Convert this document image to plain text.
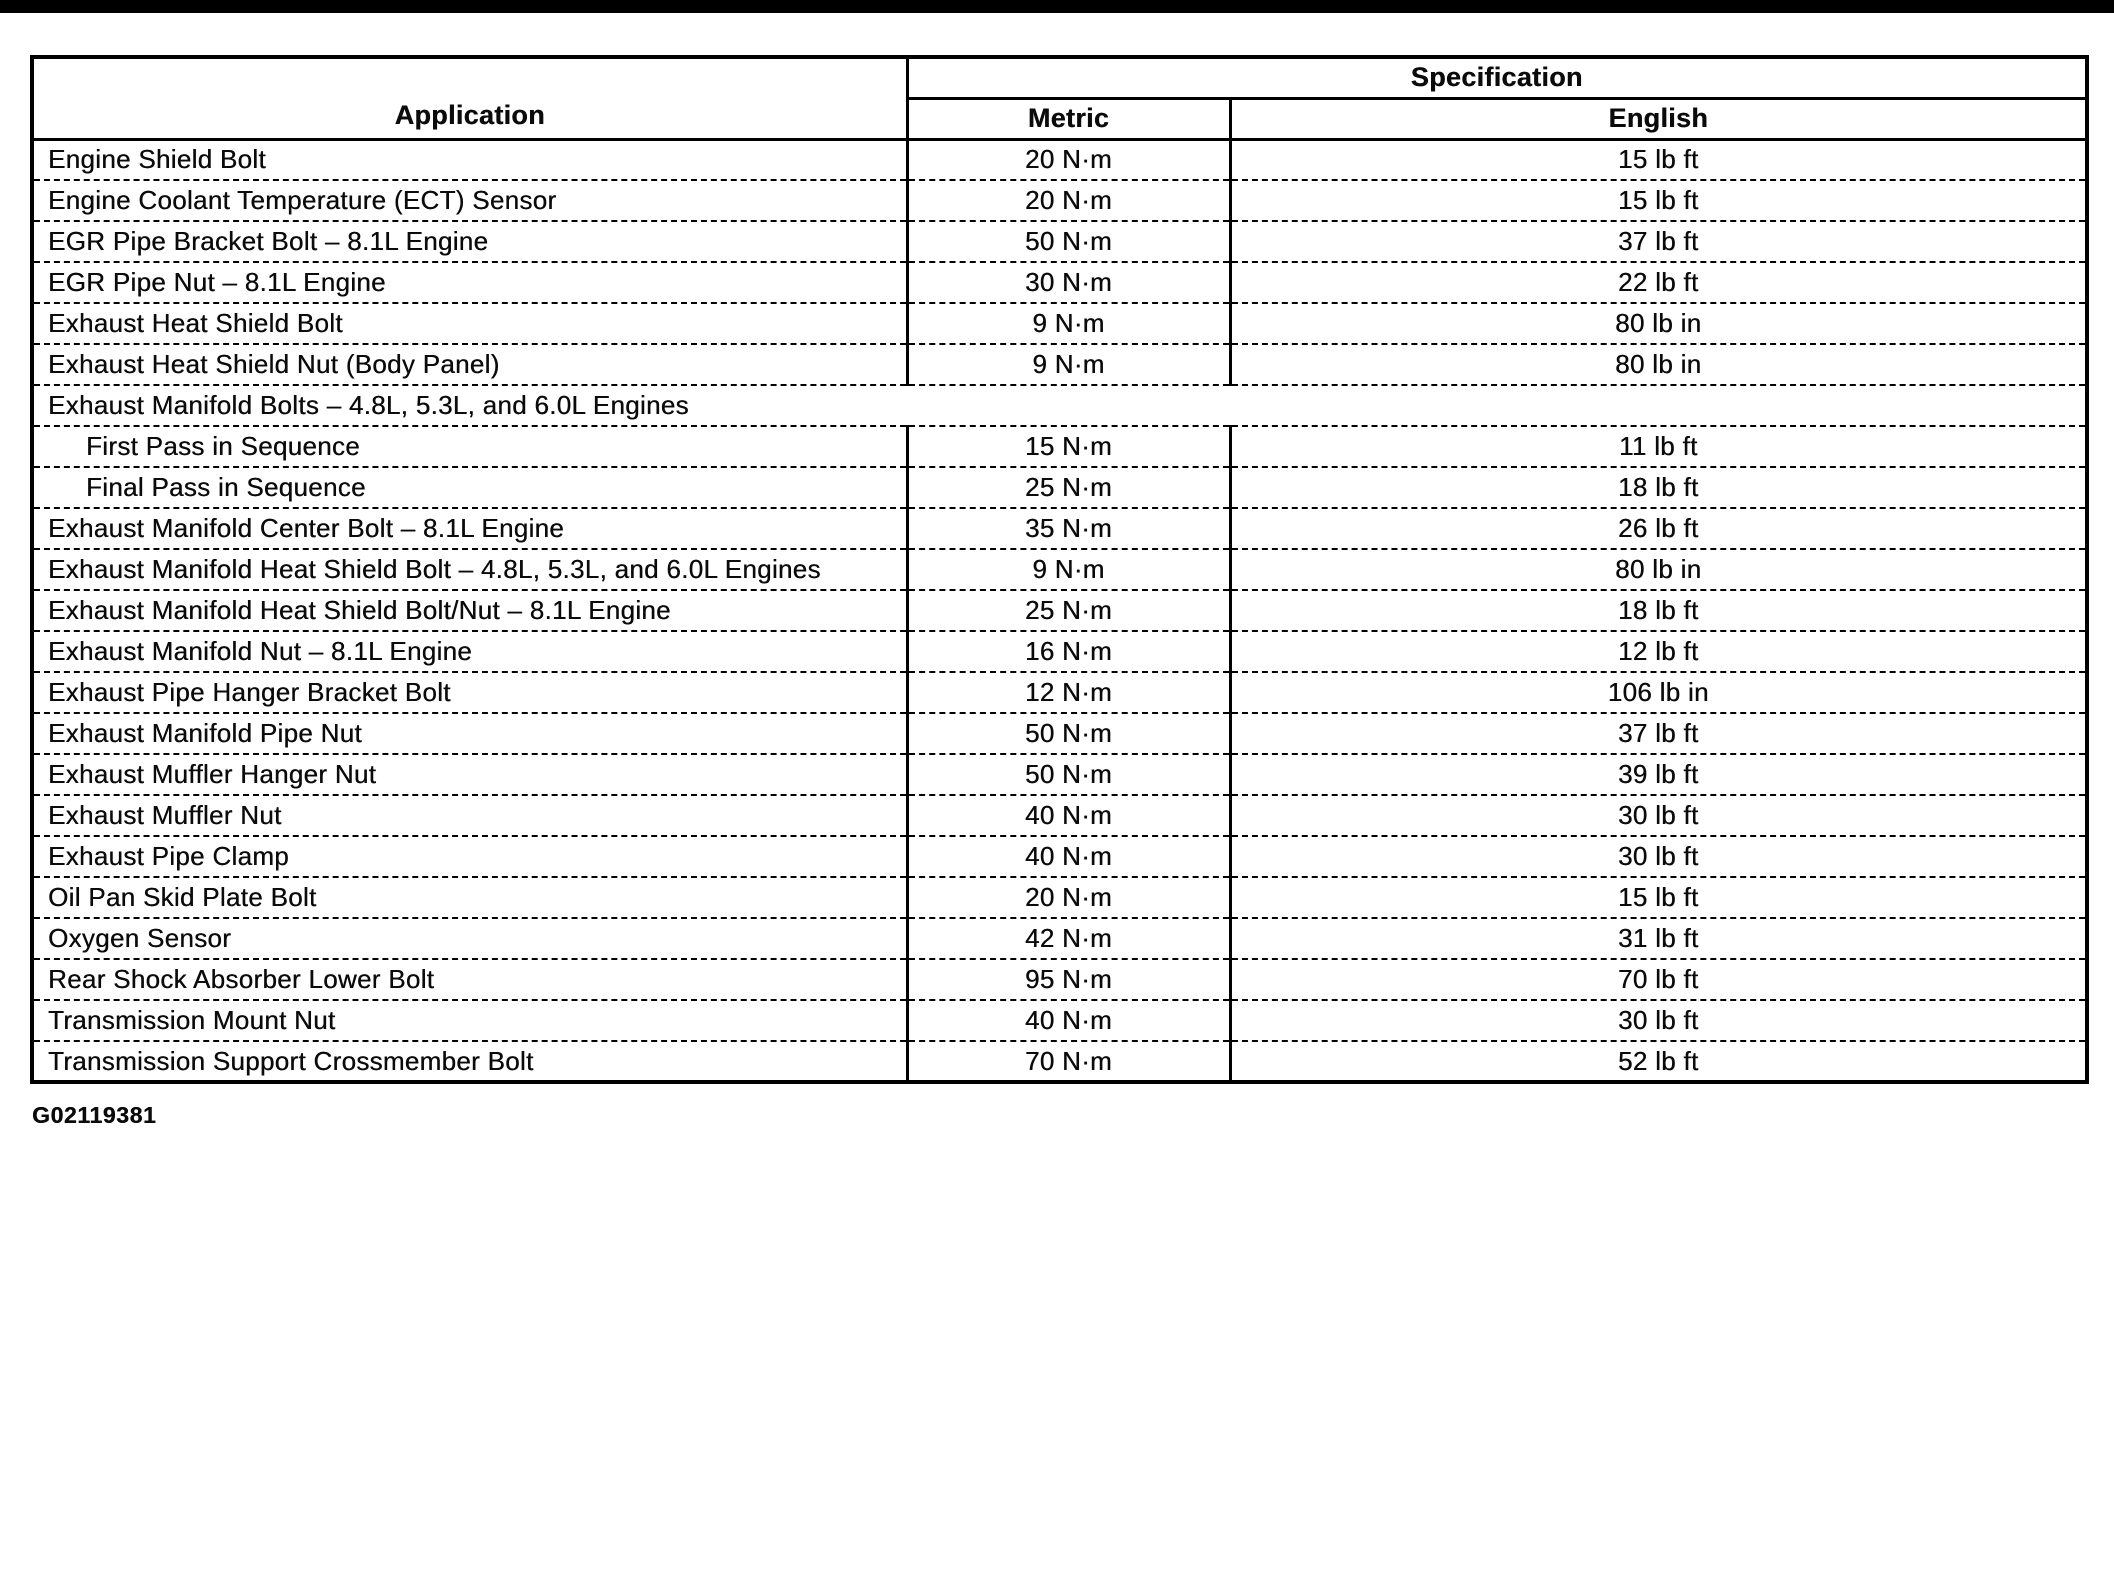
Application	Specification	
	Metric	English
Engine Shield Bolt	20 N·m	15 lb ft
Engine Coolant Temperature (ECT) Sensor	20 N·m	15 lb ft
EGR Pipe Bracket Bolt – 8.1L Engine	50 N·m	37 lb ft
EGR Pipe Nut – 8.1L Engine	30 N·m	22 lb ft
Exhaust Heat Shield Bolt	9 N·m	80 lb in
Exhaust Heat Shield Nut (Body Panel)	9 N·m	80 lb in
Exhaust Manifold Bolts – 4.8L, 5.3L, and 6.0L Engines		
First Pass in Sequence	15 N·m	11 lb ft
Final Pass in Sequence	25 N·m	18 lb ft
Exhaust Manifold Center Bolt – 8.1L Engine	35 N·m	26 lb ft
Exhaust Manifold Heat Shield Bolt – 4.8L, 5.3L, and 6.0L Engines	9 N·m	80 lb in
Exhaust Manifold Heat Shield Bolt/Nut – 8.1L Engine	25 N·m	18 lb ft
Exhaust Manifold Nut – 8.1L Engine	16 N·m	12 lb ft
Exhaust Pipe Hanger Bracket Bolt	12 N·m	106 lb in
Exhaust Manifold Pipe Nut	50 N·m	37 lb ft
Exhaust Muffler Hanger Nut	50 N·m	39 lb ft
Exhaust Muffler Nut	40 N·m	30 lb ft
Exhaust Pipe Clamp	40 N·m	30 lb ft
Oil Pan Skid Plate Bolt	20 N·m	15 lb ft
Oxygen Sensor	42 N·m	31 lb ft
Rear Shock Absorber Lower Bolt	95 N·m	70 lb ft
Transmission Mount Nut	40 N·m	30 lb ft
Transmission Support Crossmember Bolt	70 N·m	52 lb ft
G02119381
